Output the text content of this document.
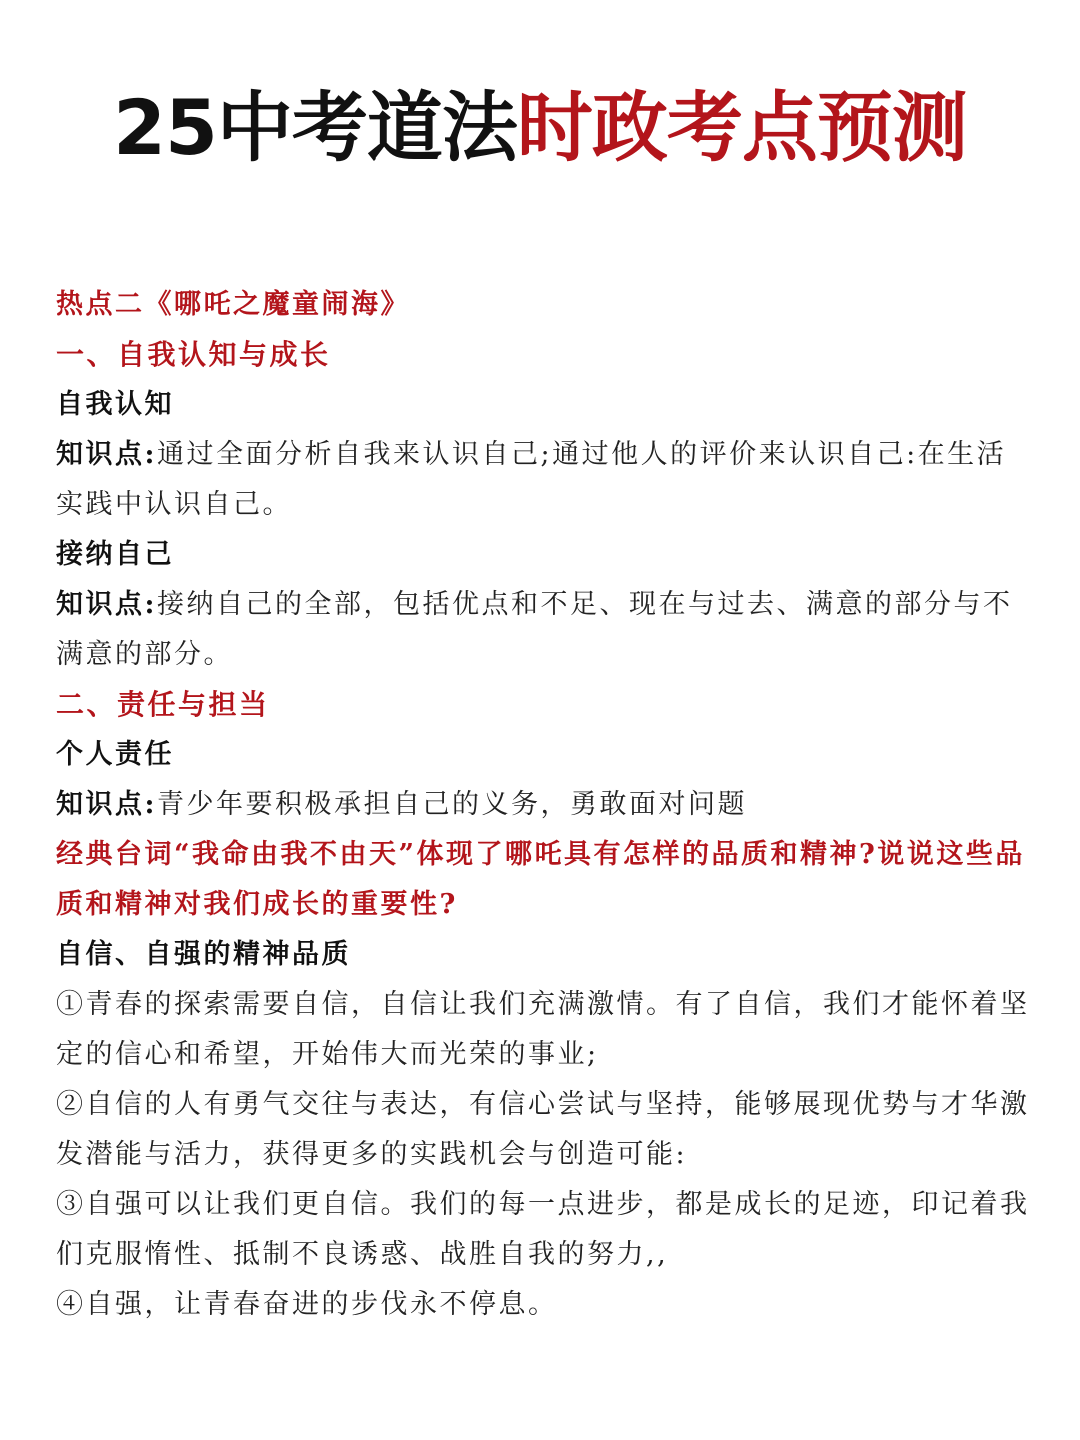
25中考道法时政考点预测

热点二《哪吒之魔童闹海》

一、自我认知与成长

自我认知

知识点:通过全面分析自我来认识自己;通过他人的评价来认识自己:在生活实践中认识自己。

接纳自己

知识点:接纳自己的全部，包括优点和不足、现在与过去、满意的部分与不满意的部分。

二、责任与担当

个人责任

知识点:青少年要积极承担自己的义务，勇敢面对问题

经典台词“我命由我不由天”体现了哪吒具有怎样的品质和精神?说说这些品质和精神对我们成长的重要性?

自信、自强的精神品质

①青春的探索需要自信，自信让我们充满激情。有了自信，我们才能怀着坚定的信心和希望，开始伟大而光荣的事业;

②自信的人有勇气交往与表达，有信心尝试与坚持，能够展现优势与才华激发潜能与活力，获得更多的实践机会与创造可能:

③自强可以让我们更自信。我们的每一点进步，都是成长的足迹，印记着我们克服惰性、抵制不良诱惑、战胜自我的努力,,

④自强，让青春奋进的步伐永不停息。
